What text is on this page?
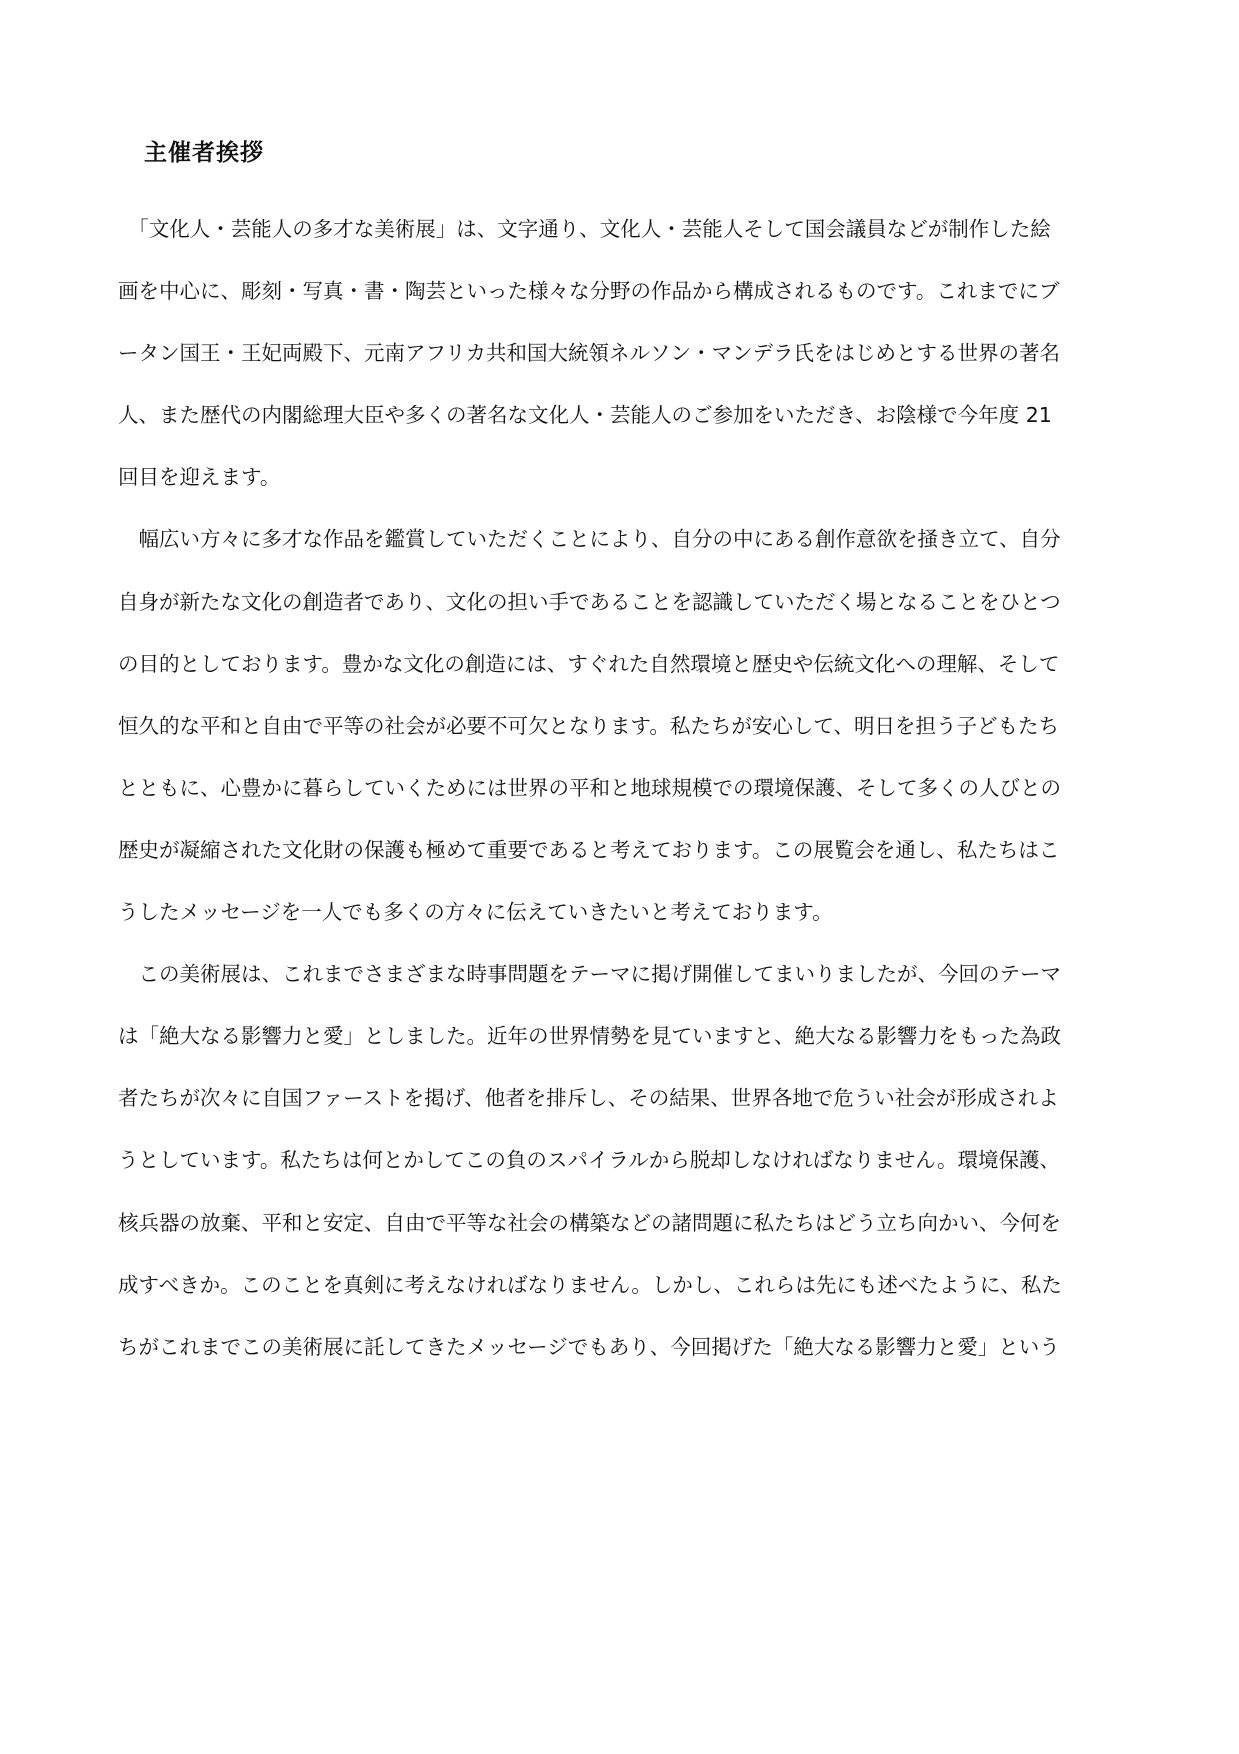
主催者挨拶
　「文化人・芸能人の多才な美術展」は、文字通り、文化人・芸能人そして国会議員などが制作した絵
画を中心に、彫刻・写真・書・陶芸といった様々な分野の作品から構成されるものです。これまでにブ
ータン国王・王妃両殿下、元南アフリカ共和国大統領ネルソン・マンデラ氏をはじめとする世界の著名
人、また歴代の内閣総理大臣や多くの著名な文化人・芸能人のご参加をいただき、お陰様で今年度 21
回目を迎えます。
　幅広い方々に多才な作品を鑑賞していただくことにより、自分の中にある創作意欲を掻き立て、自分
自身が新たな文化の創造者であり、文化の担い手であることを認識していただく場となることをひとつ
の目的としております。豊かな文化の創造には、すぐれた自然環境と歴史や伝統文化への理解、そして
恒久的な平和と自由で平等の社会が必要不可欠となります。私たちが安心して、明日を担う子どもたち
とともに、心豊かに暮らしていくためには世界の平和と地球規模での環境保護、そして多くの人びとの
歴史が凝縮された文化財の保護も極めて重要であると考えております。この展覧会を通し、私たちはこ
うしたメッセージを一人でも多くの方々に伝えていきたいと考えております。
　この美術展は、これまでさまざまな時事問題をテーマに掲げ開催してまいりましたが、今回のテーマ
は「絶大なる影響力と愛」としました。近年の世界情勢を見ていますと、絶大なる影響力をもった為政
者たちが次々に自国ファーストを掲げ、他者を排斥し、その結果、世界各地で危うい社会が形成されよ
うとしています。私たちは何とかしてこの負のスパイラルから脱却しなければなりません。環境保護、
核兵器の放棄、平和と安定、自由で平等な社会の構築などの諸問題に私たちはどう立ち向かい、今何を
成すべきか。このことを真剣に考えなければなりません。しかし、これらは先にも述べたように、私た
ちがこれまでこの美術展に託してきたメッセージでもあり、今回掲げた「絶大なる影響力と愛」という
